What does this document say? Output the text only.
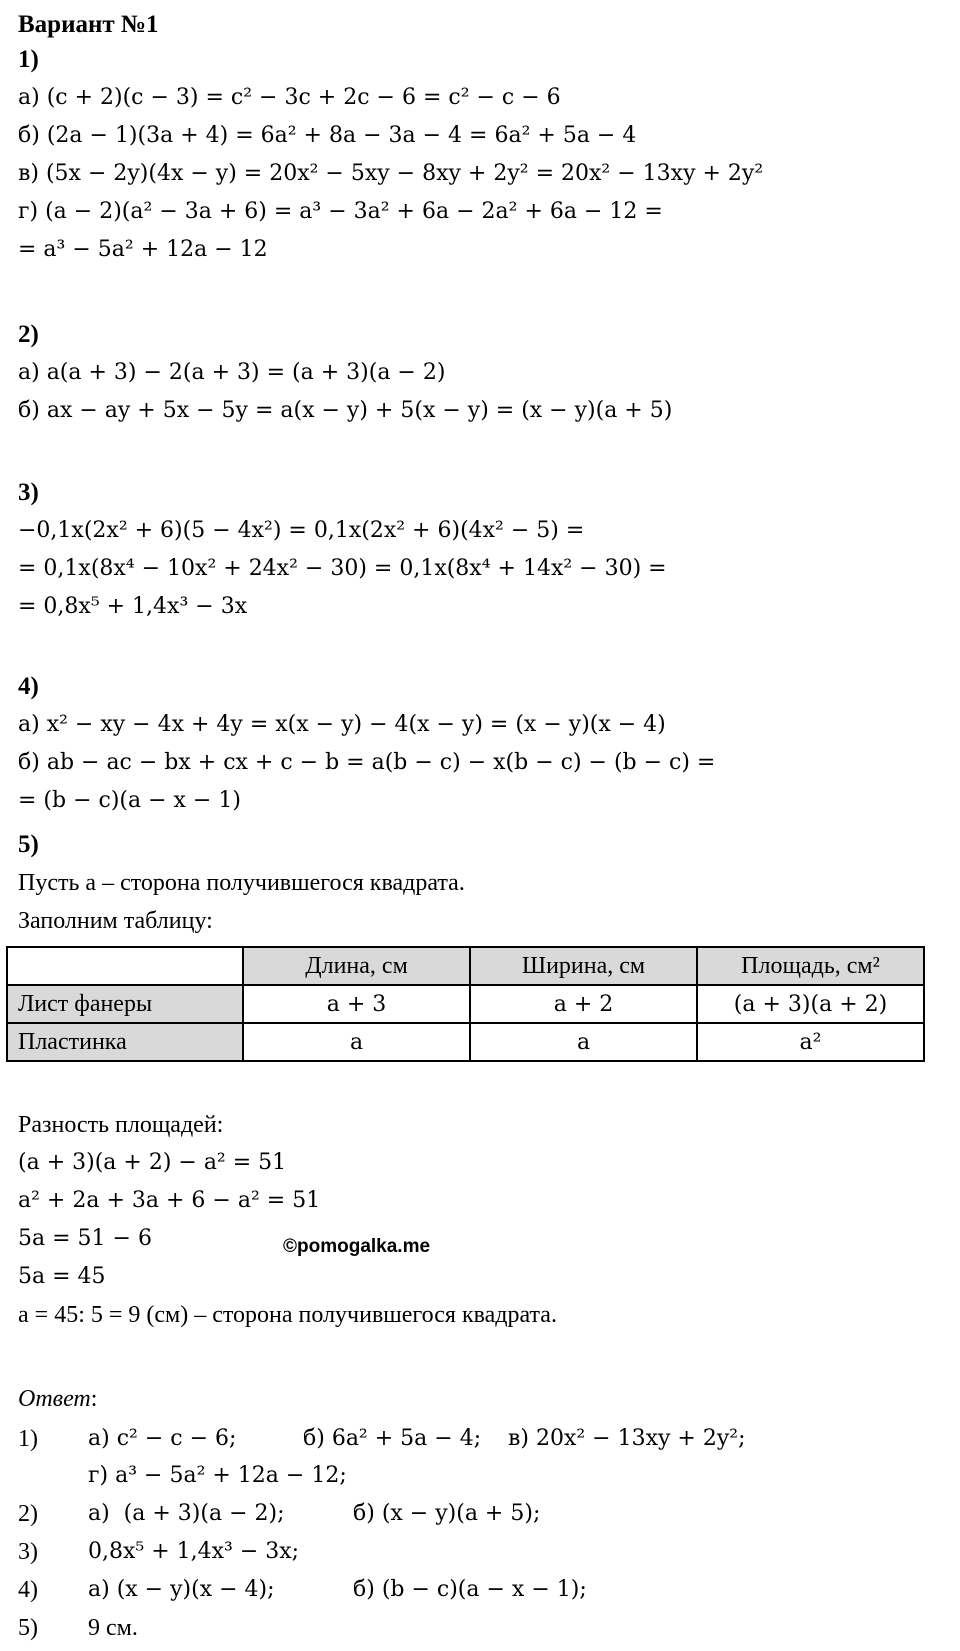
Вариант №1
1)
а) (c + 2)(c − 3) = c² − 3c + 2c − 6 = c² − c − 6
б) (2a − 1)(3a + 4) = 6a² + 8a − 3a − 4 = 6a² + 5a − 4
в) (5x − 2y)(4x − y) = 20x² − 5xy − 8xy + 2y² = 20x² − 13xy + 2y²
г) (a − 2)(a² − 3a + 6) = a³ − 3a² + 6a − 2a² + 6a − 12 =
= a³ − 5a² + 12a − 12
2)
а) a(a + 3) − 2(a + 3) = (a + 3)(a − 2)
б) ax − ay + 5x − 5y = a(x − y) + 5(x − y) = (x − y)(a + 5)
3)
−0,1x(2x² + 6)(5 − 4x²) = 0,1x(2x² + 6)(4x² − 5) =
= 0,1x(8x⁴ − 10x² + 24x² − 30) = 0,1x(8x⁴ + 14x² − 30) =
= 0,8x⁵ + 1,4x³ − 3x
4)
а) x² − xy − 4x + 4y = x(x − y) − 4(x − y) = (x − y)(x − 4)
б) ab − ac − bx + cx + c − b = a(b − c) − x(b − c) − (b − c) =
= (b − c)(a − x − 1)
5)
Пусть a – сторона получившегося квадрата.
Заполним таблицу:
	Длина, см	Ширина, см	Площадь, см²
Лист фанеры	a + 3	a + 2	(a + 3)(a + 2)
Пластинка	a	a	a²
Разность площадей:
(a + 3)(a + 2) − a² = 51
a² + 2a + 3a + 6 − a² = 51
5a = 51 − 6
5a = 45
a = 45: 5 = 9 (см) – сторона получившегося квадрата.
Ответ:
1) а) c² − c − 6;	б) 6a² + 5a − 4; в) 20x² − 13xy + 2y²;
г) a³ − 5a² + 12a − 12;
2) а)  (a + 3)(a − 2);	б) (x − y)(a + 5);
3) 0,8x⁵ + 1,4x³ − 3x;
4) а) (x − y)(x − 4);	б) (b − c)(a − x − 1);
5) 9 см.
©pomogalka.me
